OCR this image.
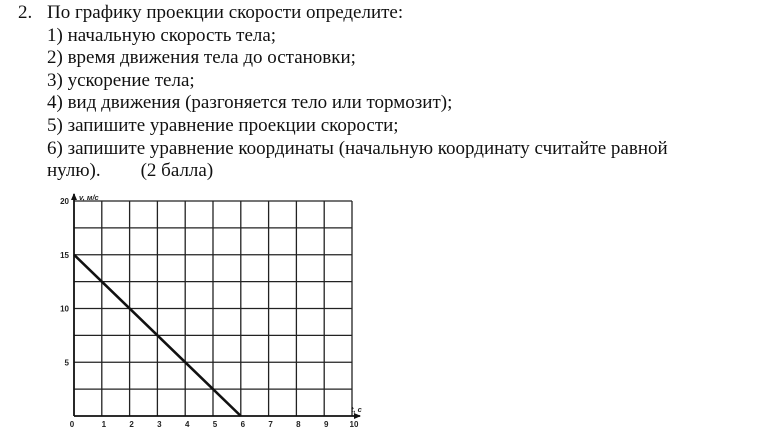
2. По графику проекции скорости определите:
1) начальную скорость тела;
2) время движения тела до остановки;
3) ускорение тела;
4) вид движения (разгоняется тело или тормозит);
5) запишите уравнение проекции скорости;
6) запишите уравнение координаты (начальную координату считайте равной
нулю). (2 балла)
0	1	2	3	4	5	6	7	8	9	10
5
10
15
20 v, м/с
t, c
